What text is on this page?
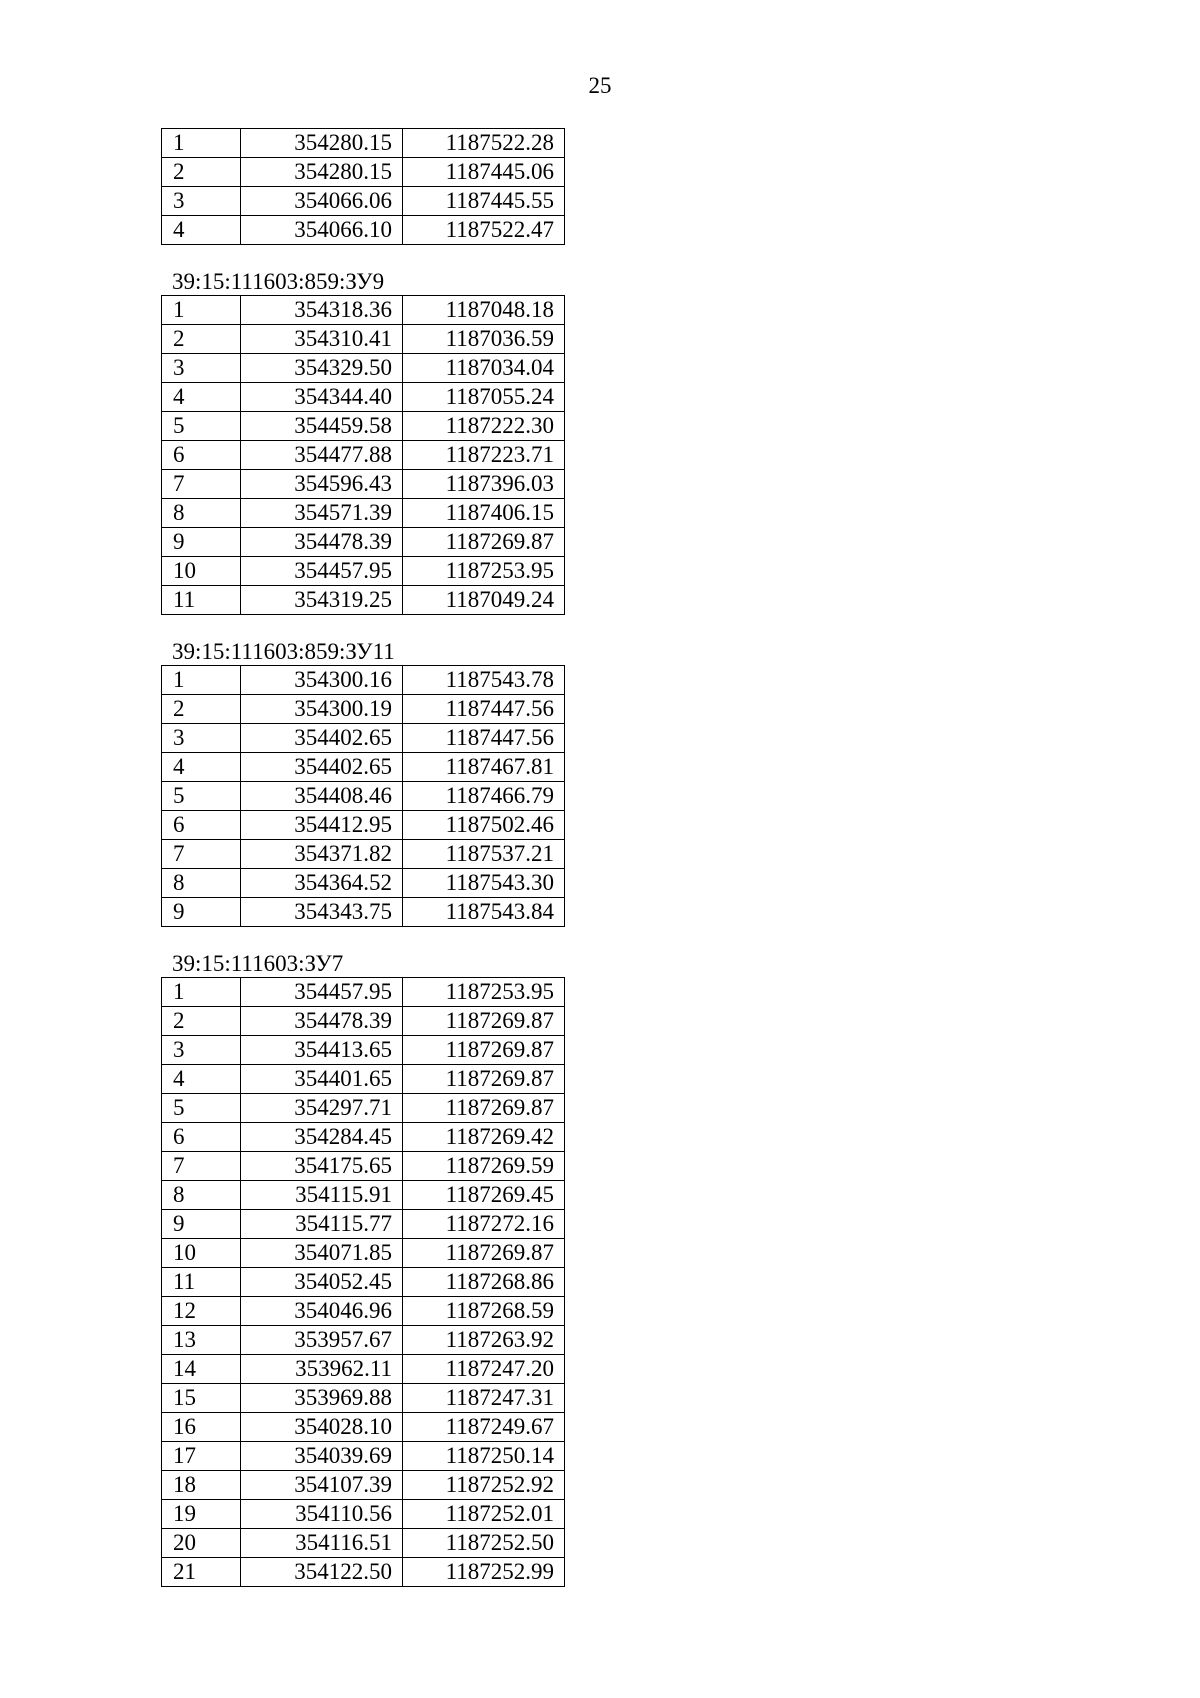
25
1	354280.15	1187522.28
2	354280.15	1187445.06
3	354066.06	1187445.55
4	354066.10	1187522.47
39:15:111603:859:ЗУ9
1	354318.36	1187048.18
2	354310.41	1187036.59
3	354329.50	1187034.04
4	354344.40	1187055.24
5	354459.58	1187222.30
6	354477.88	1187223.71
7	354596.43	1187396.03
8	354571.39	1187406.15
9	354478.39	1187269.87
10	354457.95	1187253.95
11	354319.25	1187049.24
39:15:111603:859:ЗУ11
1	354300.16	1187543.78
2	354300.19	1187447.56
3	354402.65	1187447.56
4	354402.65	1187467.81
5	354408.46	1187466.79
6	354412.95	1187502.46
7	354371.82	1187537.21
8	354364.52	1187543.30
9	354343.75	1187543.84
39:15:111603:ЗУ7
1	354457.95	1187253.95
2	354478.39	1187269.87
3	354413.65	1187269.87
4	354401.65	1187269.87
5	354297.71	1187269.87
6	354284.45	1187269.42
7	354175.65	1187269.59
8	354115.91	1187269.45
9	354115.77	1187272.16
10	354071.85	1187269.87
11	354052.45	1187268.86
12	354046.96	1187268.59
13	353957.67	1187263.92
14	353962.11	1187247.20
15	353969.88	1187247.31
16	354028.10	1187249.67
17	354039.69	1187250.14
18	354107.39	1187252.92
19	354110.56	1187252.01
20	354116.51	1187252.50
21	354122.50	1187252.99
